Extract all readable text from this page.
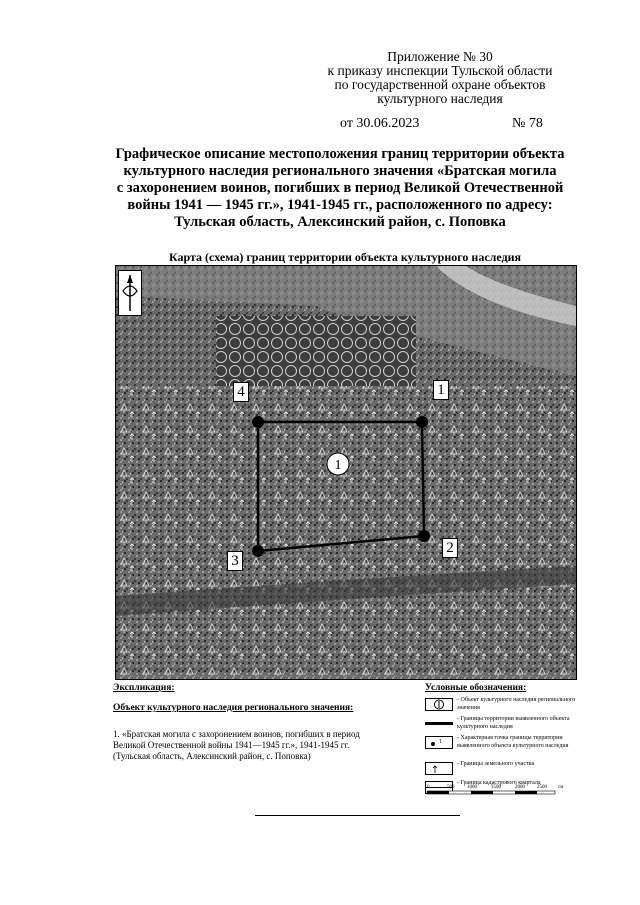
Приложение № 30
к приказу инспекции Тульской области
по государственной охране объектов
культурного наследия
от 30.06.2023	№ 78
Графическое описание местоположения границ территории объекта
культурного наследия регионального значения «Братская могила
с захоронением воинов, погибших в период Великой Отечественной
войны 1941 — 1945 гг.», 1941-1945 гг., расположенного по адресу:
Тульская область, Алексинский район, с. Поповка
Карта (схема) границ территории объекта культурного наследия
1
1
2
3
4
Экспликация:
Объект культурного наследия регионального значения:
1. «Братская могила с захоронением воинов, погибших в период
Великой Отечественной войны 1941—1945 гг.», 1941-1945 гг.
(Тульская область, Алексинский район, с. Поповка)
Условные обозначения:
- Объект культурного наследия регионального значения
- Границы территории выявленного объекта культурного наследия
1
- Характерная точка границы территории выявленного объекта культурного наследия
- Границы земельного участка
- Граница кадастрового квартала
0	500	1000	1500	2000 2500 см
